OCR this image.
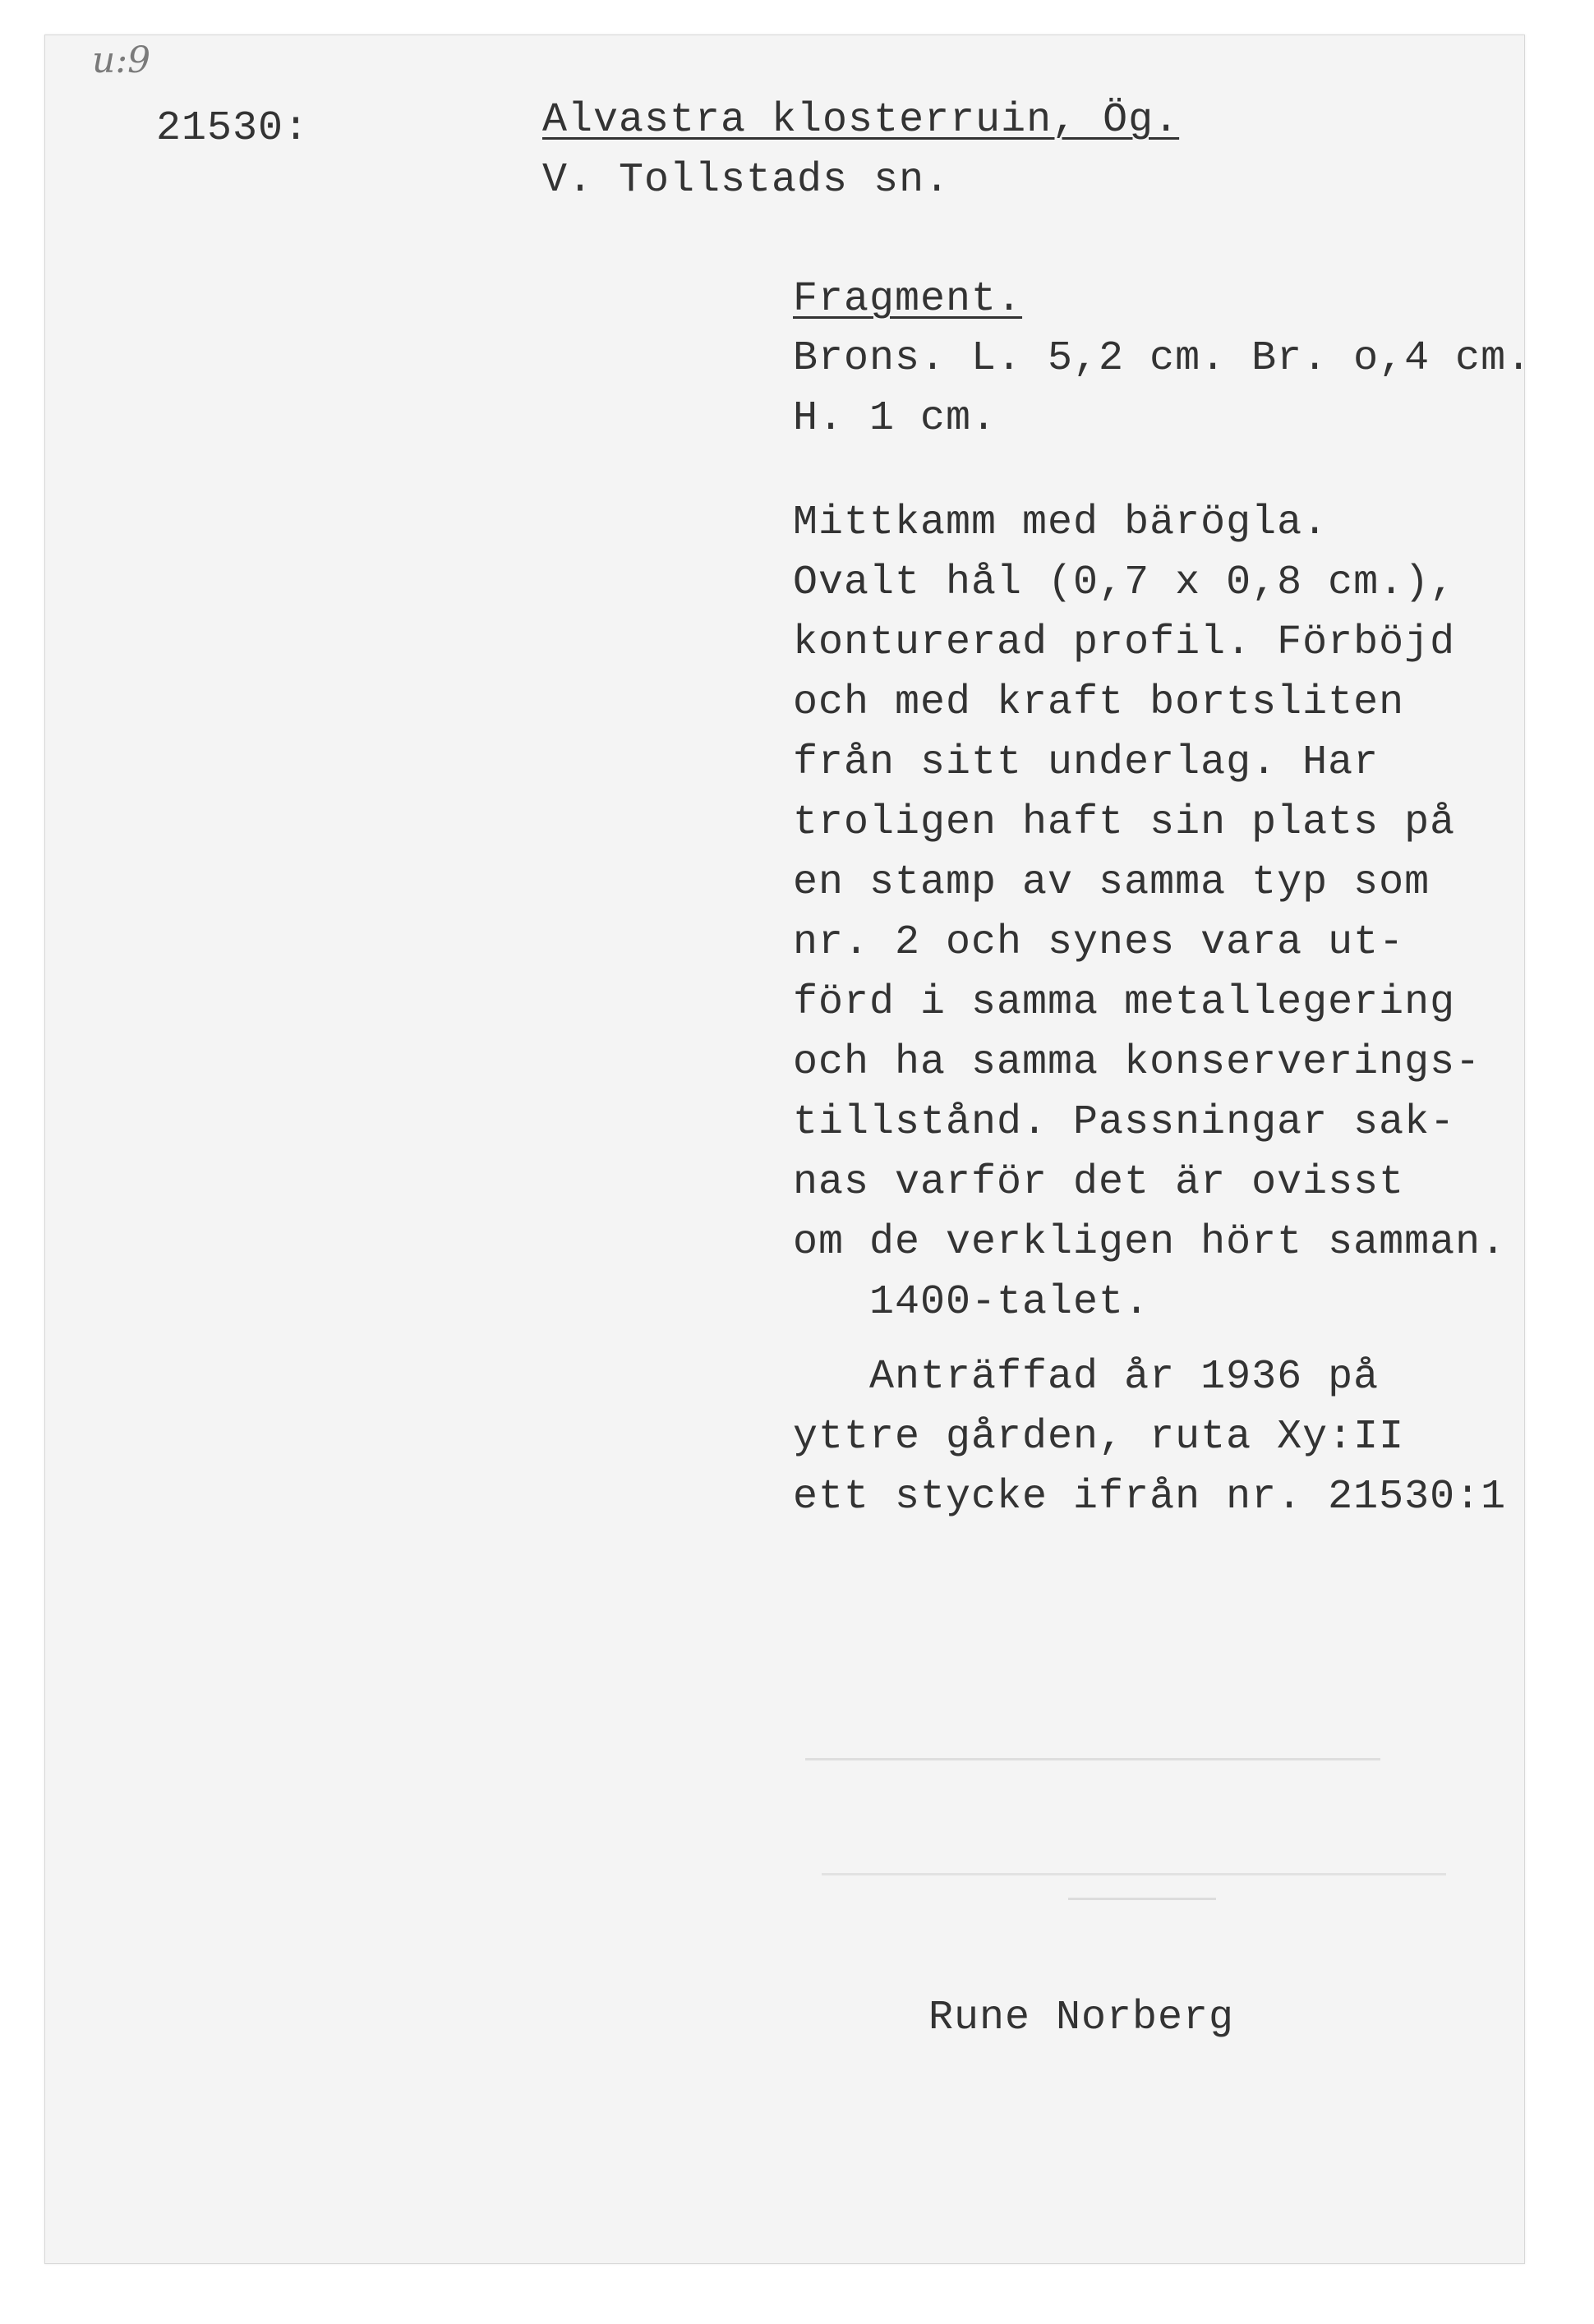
u:9

21530:	Alvastra klosterruin, Ög.

V. Tollstads sn.

Fragment.

Brons. L. 5,2 cm. Br. o,4 cm.

H. 1 cm.

Mittkamm med bärögla.

Ovalt hål (0,7 x 0,8 cm.),

konturerad profil. Förböjd

och med kraft bortsliten

från sitt underlag. Har

troligen haft sin plats på

en stamp av samma typ som

nr. 2 och synes vara ut-

förd i samma metallegering

och ha samma konserverings-

tillstånd. Passningar sak-

nas varför det är ovisst

om de verkligen hört samman.

1400-talet.

Anträffad år 1936 på

yttre gården, ruta Xy:II

ett stycke ifrån nr. 21530:1

Rune Norberg
